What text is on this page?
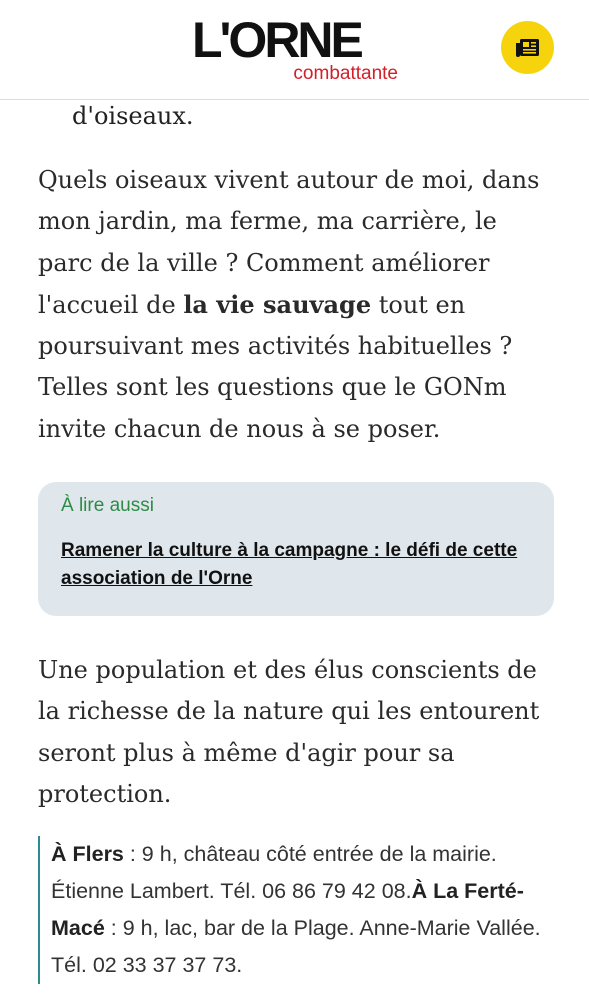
L'ORNE
combattante
d'oiseaux.

Quels oiseaux vivent autour de moi, dans mon jardin, ma ferme, ma carrière, le parc de la ville ? Comment améliorer l'accueil de la vie sauvage tout en poursuivant mes activités habituelles ? Telles sont les questions que le GONm invite chacun de nous à se poser.

À lire aussi
Ramener la culture à la campagne : le défi de cette association de l'Orne

Une population et des élus conscients de la richesse de la nature qui les entourent seront plus à même d'agir pour sa protection.

À Flers : 9 h, château côté entrée de la mairie. Étienne Lambert. Tél. 06 86 79 42 08.À La Ferté-Macé : 9 h, lac, bar de la Plage. Anne-Marie Vallée. Tél. 02 33 37 37 73.
